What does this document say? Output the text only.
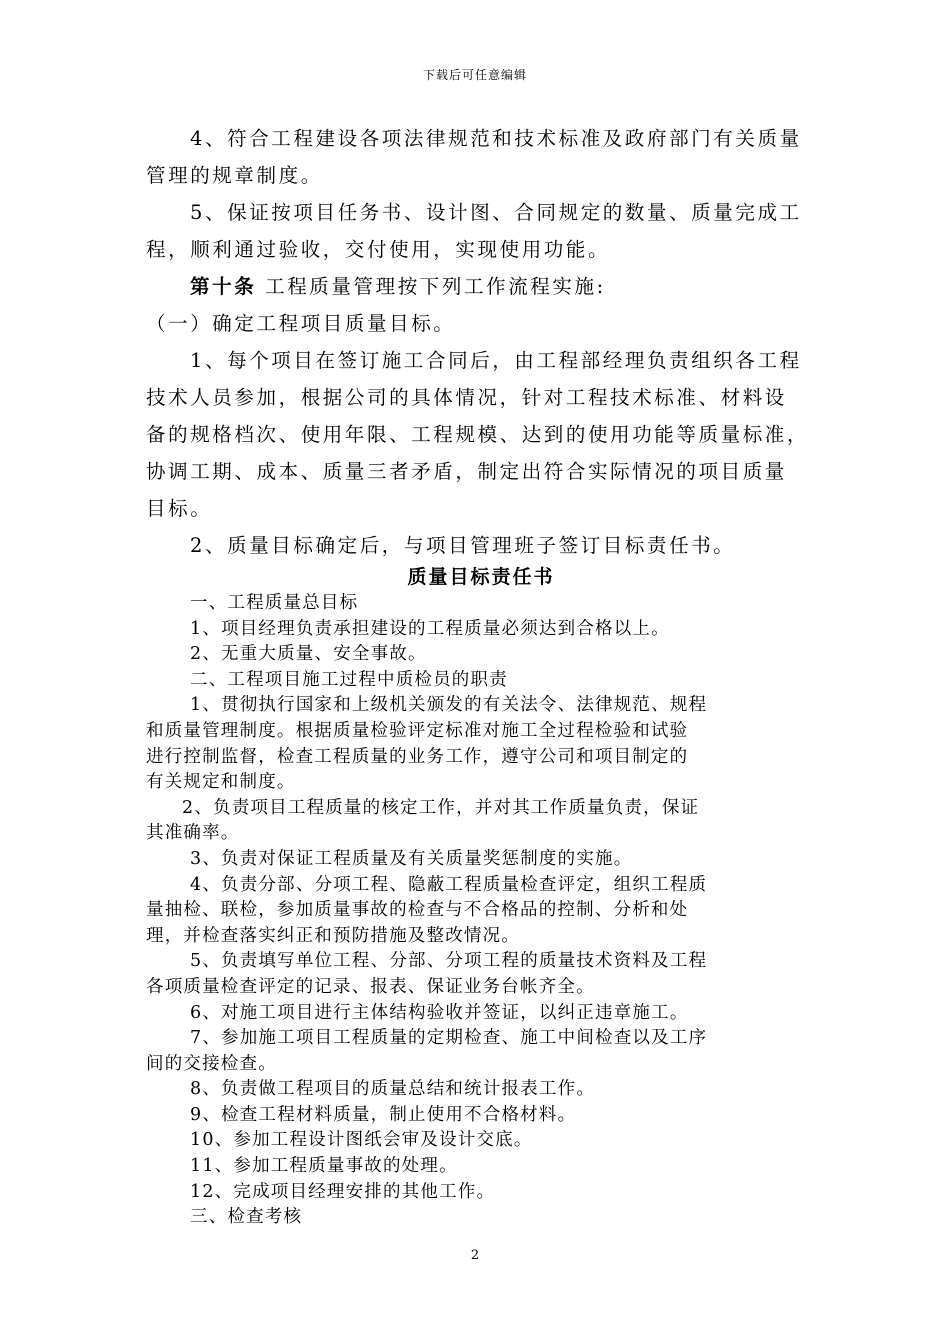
下载后可任意编辑

4、符合工程建设各项法律规范和技术标准及政府部门有关质量

管理的规章制度。

5、保证按项目任务书、设计图、合同规定的数量、质量完成工

程，顺利通过验收，交付使用，实现使用功能。

第十条 工程质量管理按下列工作流程实施:

（一）确定工程项目质量目标。

1、每个项目在签订施工合同后，由工程部经理负责组织各工程

技术人员参加，根据公司的具体情况，针对工程技术标准、材料设

备的规格档次、使用年限、工程规模、达到的使用功能等质量标准，

协调工期、成本、质量三者矛盾，制定出符合实际情况的项目质量

目标。

2、质量目标确定后，与项目管理班子签订目标责任书。

质量目标责任书

一、工程质量总目标

1、项目经理负责承担建设的工程质量必须达到合格以上。

2、无重大质量、安全事故。

二、工程项目施工过程中质检员的职责

1、贯彻执行国家和上级机关颁发的有关法令、法律规范、规程

和质量管理制度。根据质量检验评定标准对施工全过程检验和试验

进行控制监督，检查工程质量的业务工作，遵守公司和项目制定的

有关规定和制度。

2、负责项目工程质量的核定工作，并对其工作质量负责，保证

其准确率。

3、负责对保证工程质量及有关质量奖惩制度的实施。

4、负责分部、分项工程、隐蔽工程质量检查评定，组织工程质

量抽检、联检，参加质量事故的检查与不合格品的控制、分析和处

理，并检查落实纠正和预防措施及整改情况。

5、负责填写单位工程、分部、分项工程的质量技术资料及工程

各项质量检查评定的记录、报表、保证业务台帐齐全。

6、对施工项目进行主体结构验收并签证，以纠正违章施工。

7、参加施工项目工程质量的定期检查、施工中间检查以及工序

间的交接检查。

8、负责做工程项目的质量总结和统计报表工作。

9、检查工程材料质量，制止使用不合格材料。

10、参加工程设计图纸会审及设计交底。

11、参加工程质量事故的处理。

12、完成项目经理安排的其他工作。

三、检查考核

2
